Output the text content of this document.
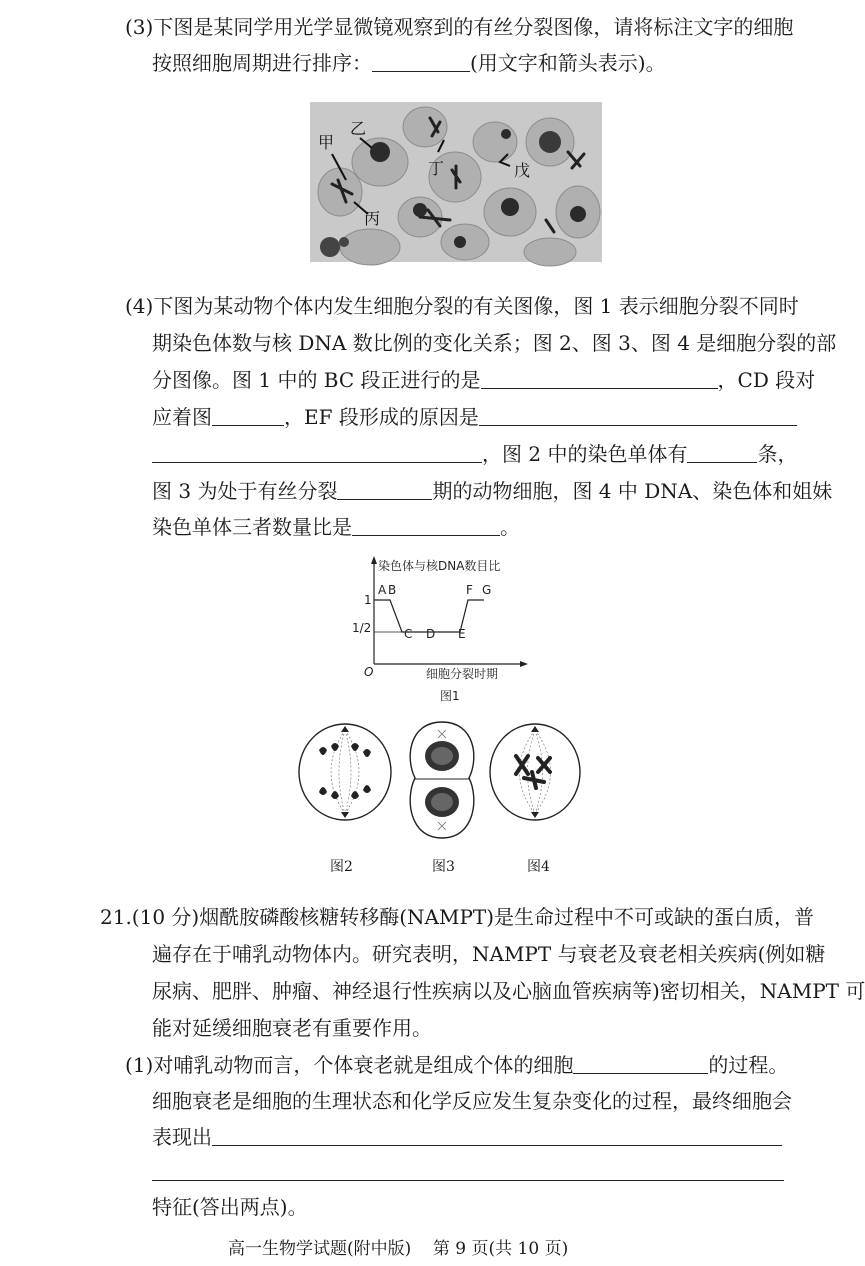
(3)下图是某同学用光学显微镜观察到的有丝分裂图像，请将标注文字的细胞
按照细胞周期进行排序：	(用文字和箭头表示)。
甲
乙
丙
丁	戊
(4)下图为某动物个体内发生细胞分裂的有关图像，图 1 表示细胞分裂不同时
期染色体数与核 DNA 数比例的变化关系；图 2、图 3、图 4 是细胞分裂的部
分图像。图 1 中的 BC 段正进行的是	，CD 段对
应着图	，EF 段形成的原因是
，图 2 中的染色单体有	条，
图 3 为处于有丝分裂	期的动物细胞，图 4 中 DNA、染色体和姐妹
染色单体三者数量比是	。
染色体与核DNA数目比
细胞分裂时期
O
1
1/2
A B
C D E
F G
图1
图2	图3	图4
21.(10 分)烟酰胺磷酸核糖转移酶(NAMPT)是生命过程中不可或缺的蛋白质，普
遍存在于哺乳动物体内。研究表明，NAMPT 与衰老及衰老相关疾病(例如糖
尿病、肥胖、肿瘤、神经退行性疾病以及心脑血管疾病等)密切相关，NAMPT 可
能对延缓细胞衰老有重要作用。
(1)对哺乳动物而言，个体衰老就是组成个体的细胞	的过程。
细胞衰老是细胞的生理状态和化学反应发生复杂变化的过程，最终细胞会
表现出
特征(答出两点)。
高一生物学试题(附中版)    第 9 页(共 10 页)
